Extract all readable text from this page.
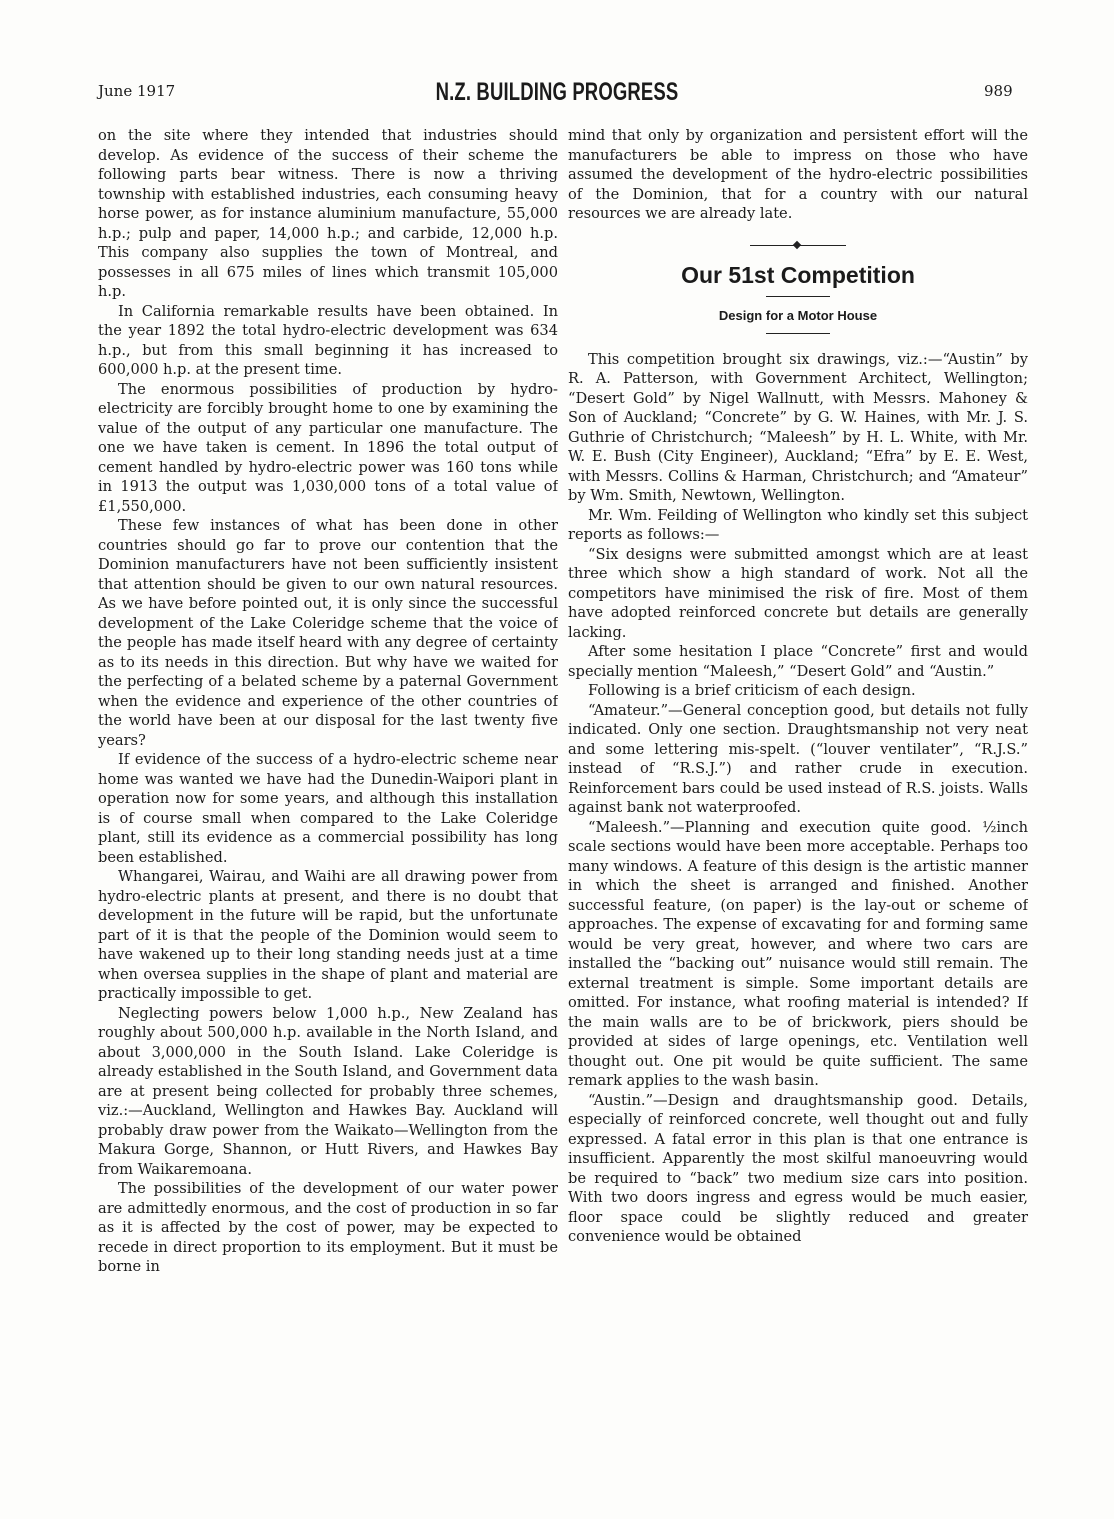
June 1917	N.Z. BUILDING PROGRESS	989

on the site where they intended that industries should develop. As evidence of the success of their scheme the following parts bear witness. There is now a thriving township with established industries, each consuming heavy horse power, as for instance aluminium manufacture, 55,000 h.p.; pulp and paper, 14,000 h.p.; and carbide, 12,000 h.p. This company also supplies the town of Montreal, and possesses in all 675 miles of lines which transmit 105,000 h.p.

In California remarkable results have been obtained. In the year 1892 the total hydro-electric development was 634 h.p., but from this small beginning it has increased to 600,000 h.p. at the present time.

The enormous possibilities of production by hydro-electricity are forcibly brought home to one by examining the value of the output of any particular one manufacture. The one we have taken is cement. In 1896 the total output of cement handled by hydro-electric power was 160 tons while in 1913 the output was 1,030,000 tons of a total value of £1,550,000.

These few instances of what has been done in other countries should go far to prove our contention that the Dominion manufacturers have not been sufficiently insistent that attention should be given to our own natural resources. As we have before pointed out, it is only since the successful development of the Lake Coleridge scheme that the voice of the people has made itself heard with any degree of certainty as to its needs in this direction. But why have we waited for the perfecting of a belated scheme by a paternal Government when the evidence and experience of the other countries of the world have been at our disposal for the last twenty five years?

If evidence of the success of a hydro-electric scheme near home was wanted we have had the Dunedin-Waipori plant in operation now for some years, and although this installation is of course small when compared to the Lake Coleridge plant, still its evidence as a commercial possibility has long been established.

Whangarei, Wairau, and Waihi are all drawing power from hydro-electric plants at present, and there is no doubt that development in the future will be rapid, but the unfortunate part of it is that the people of the Dominion would seem to have wakened up to their long standing needs just at a time when oversea supplies in the shape of plant and material are practically impossible to get.

Neglecting powers below 1,000 h.p., New Zealand has roughly about 500,000 h.p. available in the North Island, and about 3,000,000 in the South Island. Lake Coleridge is already established in the South Island, and Government data are at present being collected for probably three schemes, viz.:—Auckland, Wellington and Hawkes Bay. Auckland will probably draw power from the Waikato—Wellington from the Makura Gorge, Shannon, or Hutt Rivers, and Hawkes Bay from Waikaremoana.

The possibilities of the development of our water power are admittedly enormous, and the cost of production in so far as it is affected by the cost of power, may be expected to recede in direct proportion to its employment. But it must be borne in

mind that only by organization and persistent effort will the manufacturers be able to impress on those who have assumed the development of the hydro-electric possibilities of the Dominion, that for a country with our natural resources we are already late.

Our 51st Competition
Design for a Motor House

This competition brought six drawings, viz.:—“Austin” by R. A. Patterson, with Government Architect, Wellington; “Desert Gold” by Nigel Wallnutt, with Messrs. Mahoney & Son of Auckland; “Concrete” by G. W. Haines, with Mr. J. S. Guthrie of Christchurch; “Maleesh” by H. L. White, with Mr. W. E. Bush (City Engineer), Auckland; “Efra” by E. E. West, with Messrs. Collins & Harman, Christchurch; and “Amateur” by Wm. Smith, Newtown, Wellington.

Mr. Wm. Feilding of Wellington who kindly set this subject reports as follows:—

“Six designs were submitted amongst which are at least three which show a high standard of work. Not all the competitors have minimised the risk of fire. Most of them have adopted reinforced concrete but details are generally lacking.

After some hesitation I place “Concrete” first and would specially mention “Maleesh,” “Desert Gold” and “Austin.”

Following is a brief criticism of each design.

“Amateur.”—General conception good, but details not fully indicated. Only one section. Draughtsmanship not very neat and some lettering mis-spelt. (“louver ventilater”, “R.J.S.” instead of “R.S.J.”) and rather crude in execution. Reinforcement bars could be used instead of R.S. joists. Walls against bank not waterproofed.

“Maleesh.”—Planning and execution quite good. ½inch scale sections would have been more acceptable. Perhaps too many windows. A feature of this design is the artistic manner in which the sheet is arranged and finished. Another successful feature, (on paper) is the lay-out or scheme of approaches. The expense of excavating for and forming same would be very great, however, and where two cars are installed the “backing out” nuisance would still remain. The external treatment is simple. Some important details are omitted. For instance, what roofing material is intended? If the main walls are to be of brickwork, piers should be provided at sides of large openings, etc. Ventilation well thought out. One pit would be quite sufficient. The same remark applies to the wash basin.

“Austin.”—Design and draughtsmanship good. Details, especially of reinforced concrete, well thought out and fully expressed. A fatal error in this plan is that one entrance is insufficient. Apparently the most skilful manoeuvring would be required to “back” two medium size cars into position. With two doors ingress and egress would be much easier, floor space could be slightly reduced and greater convenience would be obtained
